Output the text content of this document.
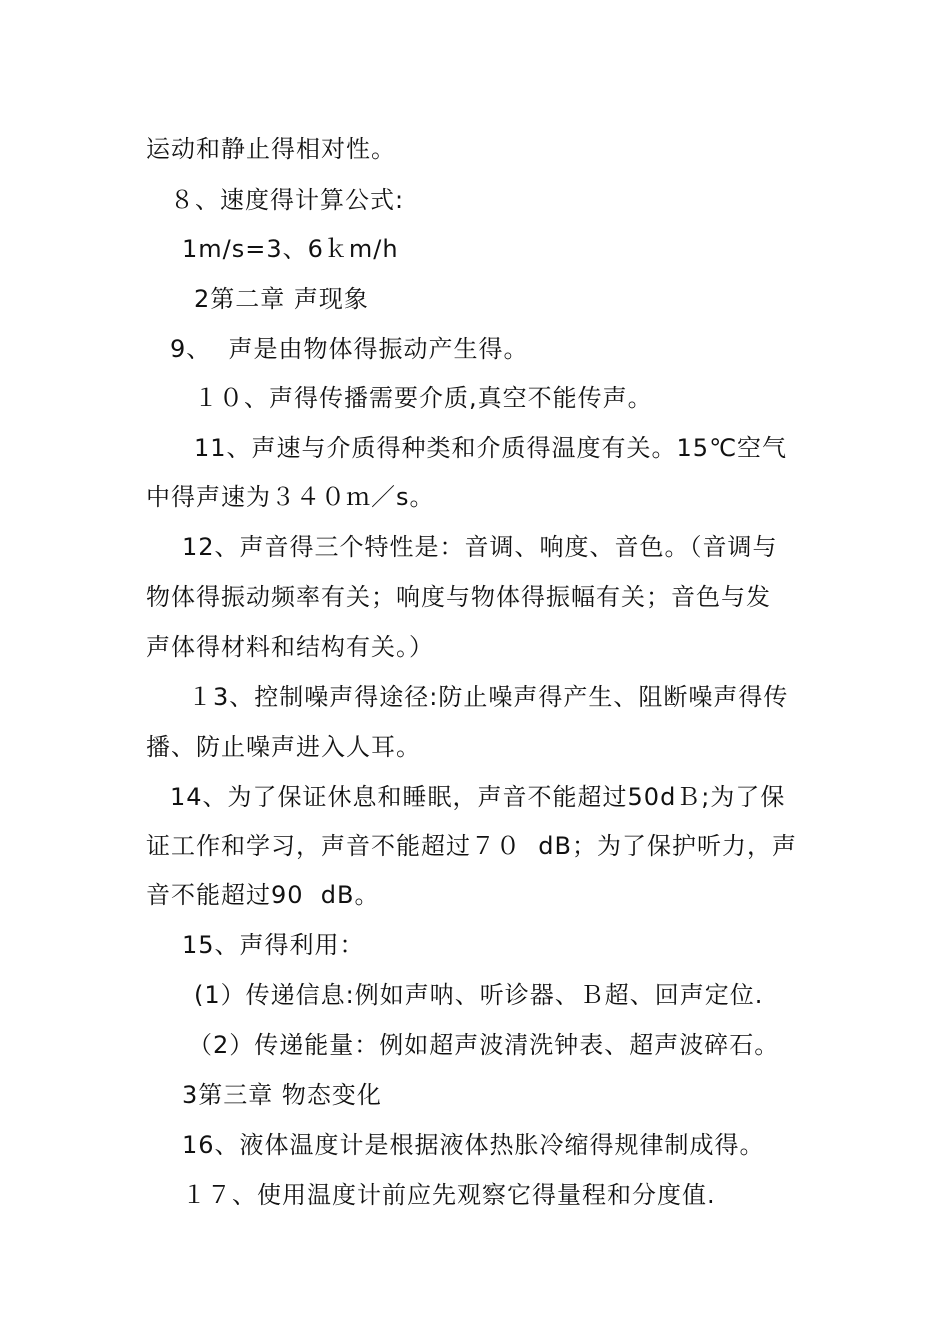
运动和静止得相对性。
８、速度得计算公式:
1m/s=3、6ｋm/h
2第二章 声现象
9、  声是由物体得振动产生得。
１０、声得传播需要介质,真空不能传声。
11、声速与介质得种类和介质得温度有关。15℃空气
中得声速为３４０ｍ／s。
12、声音得三个特性是：音调、响度、音色。（音调与
物体得振动频率有关；响度与物体得振幅有关；音色与发
声体得材料和结构有关。）
１3、控制噪声得途径:防止噪声得产生、阻断噪声得传
播、防止噪声进入人耳。
14、为了保证休息和睡眠，声音不能超过50dＢ;为了保
证工作和学习，声音不能超过７０  dB；为了保护听力，声
音不能超过90  dB。
15、声得利用：
(1）传递信息:例如声呐、听诊器、Ｂ超、回声定位.
（2）传递能量：例如超声波清洗钟表、超声波碎石。
3第三章 物态变化
16、液体温度计是根据液体热胀冷缩得规律制成得。
１７、使用温度计前应先观察它得量程和分度值.
